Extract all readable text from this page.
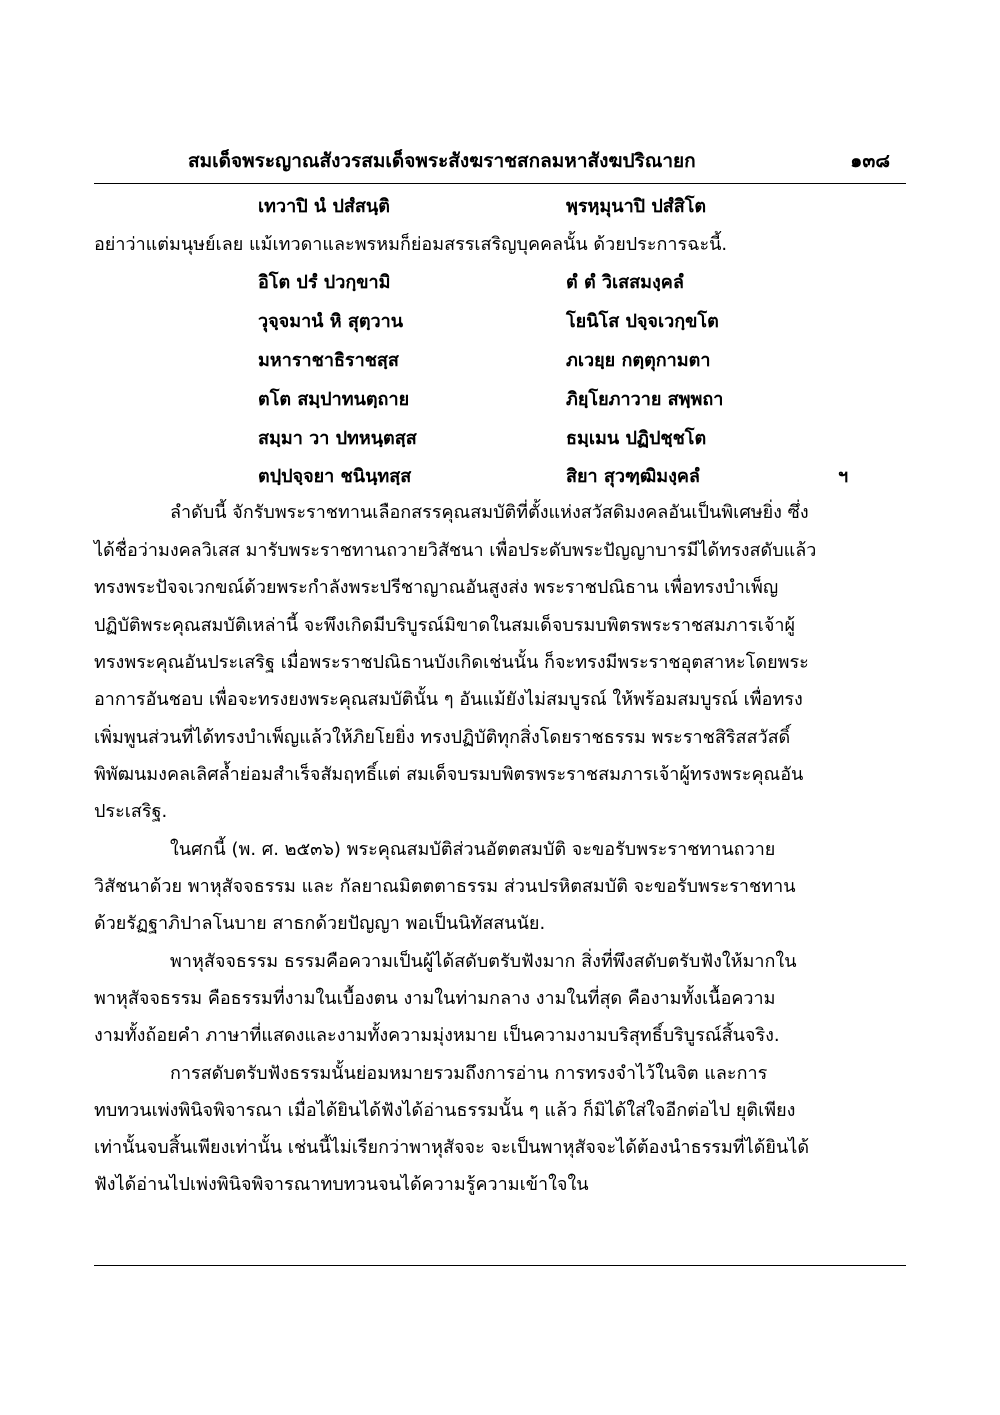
สมเด็จพระญาณสังวรสมเด็จพระสังฆราชสกลมหาสังฆปริณายก	๑๓๘
เทวาปิ นํ ปสํสนฺติ	พฺรหฺมุนาปิ ปสํสิโต
อย่าว่าแต่มนุษย์เลย แม้เทวดาและพรหมก็ย่อมสรรเสริญบุคคลนั้น ด้วยประการฉะนี้.
อิโต ปรํ ปวกฺขามิ	ตํ ตํ วิเสสมงฺคลํ
วุจฺจมานํ หิ สุตฺวาน	โยนิโส ปจฺจเวกฺขโต
มหาราชาธิราชสฺส	ภเวยฺย กตฺตุกามตา
ตโต สมฺปาทนตฺถาย	ภิยฺโยภาวาย สพฺพถา
สมฺมา วา ปทหนฺตสฺส	ธมฺเมน ปฏิปชฺชโต
ตปฺปจฺจยา ชนินฺทสฺส	สิยา สุวฑฺฒิมงฺคลํ	ฯ
ลำดับนี้ จักรับพระราชทานเลือกสรรคุณสมบัติที่ตั้งแห่งสวัสดิมงคลอันเป็นพิเศษยิ่ง ซึ่ง
ได้ชื่อว่ามงคลวิเสส มารับพระราชทานถวายวิสัชนา เพื่อประดับพระปัญญาบารมีได้ทรงสดับแล้ว
ทรงพระปัจจเวกขณ์ด้วยพระกำลังพระปรีชาญาณอันสูงส่ง พระราชปณิธาน เพื่อทรงบำเพ็ญ
ปฏิบัติพระคุณสมบัติเหล่านี้ จะพึงเกิดมีบริบูรณ์มิขาดในสมเด็จบรมบพิตรพระราชสมภารเจ้าผู้
ทรงพระคุณอันประเสริฐ เมื่อพระราชปณิธานบังเกิดเช่นนั้น ก็จะทรงมีพระราชอุตสาหะโดยพระ
อาการอันชอบ เพื่อจะทรงยงพระคุณสมบัตินั้น ๆ อันแม้ยังไม่สมบูรณ์ ให้พร้อมสมบูรณ์ เพื่อทรง
เพิ่มพูนส่วนที่ได้ทรงบำเพ็ญแล้วให้ภิยโยยิ่ง ทรงปฏิบัติทุกสิ่งโดยราชธรรม พระราชสิริสสวัสดิ์
พิพัฒนมงคลเลิศล้ำย่อมสำเร็จสัมฤทธิ์แต่ สมเด็จบรมบพิตรพระราชสมภารเจ้าผู้ทรงพระคุณอัน
ประเสริฐ.
ในศกนี้ (พ. ศ. ๒๕๓๖) พระคุณสมบัติส่วนอัตตสมบัติ จะขอรับพระราชทานถวาย
วิสัชนาด้วย พาหุสัจจธรรม และ กัลยาณมิตตตาธรรม ส่วนปรหิตสมบัติ จะขอรับพระราชทาน
ด้วยรัฏฐาภิปาลโนบาย สาธกด้วยปัญญา พอเป็นนิทัสสนนัย.
พาหุสัจจธรรม ธรรมคือความเป็นผู้ได้สดับตรับฟังมาก สิ่งที่พึงสดับตรับฟังให้มากใน
พาหุสัจจธรรม คือธรรมที่งามในเบื้องตน งามในท่ามกลาง งามในที่สุด คืองามทั้งเนื้อความ
งามทั้งถ้อยคำ ภาษาที่แสดงและงามทั้งความมุ่งหมาย เป็นความงามบริสุทธิ์บริบูรณ์สิ้นจริง.
การสดับตรับฟังธรรมนั้นย่อมหมายรวมถึงการอ่าน การทรงจำไว้ในจิต และการ
ทบทวนเพ่งพินิจพิจารณา เมื่อได้ยินได้ฟังได้อ่านธรรมนั้น ๆ แล้ว ก็มิได้ใส่ใจอีกต่อไป ยุติเพียง
เท่านั้นจบสิ้นเพียงเท่านั้น เช่นนี้ไม่เรียกว่าพาหุสัจจะ จะเป็นพาหุสัจจะได้ต้องนำธรรมที่ได้ยินได้
ฟังได้อ่านไปเพ่งพินิจพิจารณาทบทวนจนได้ความรู้ความเข้าใจใน
